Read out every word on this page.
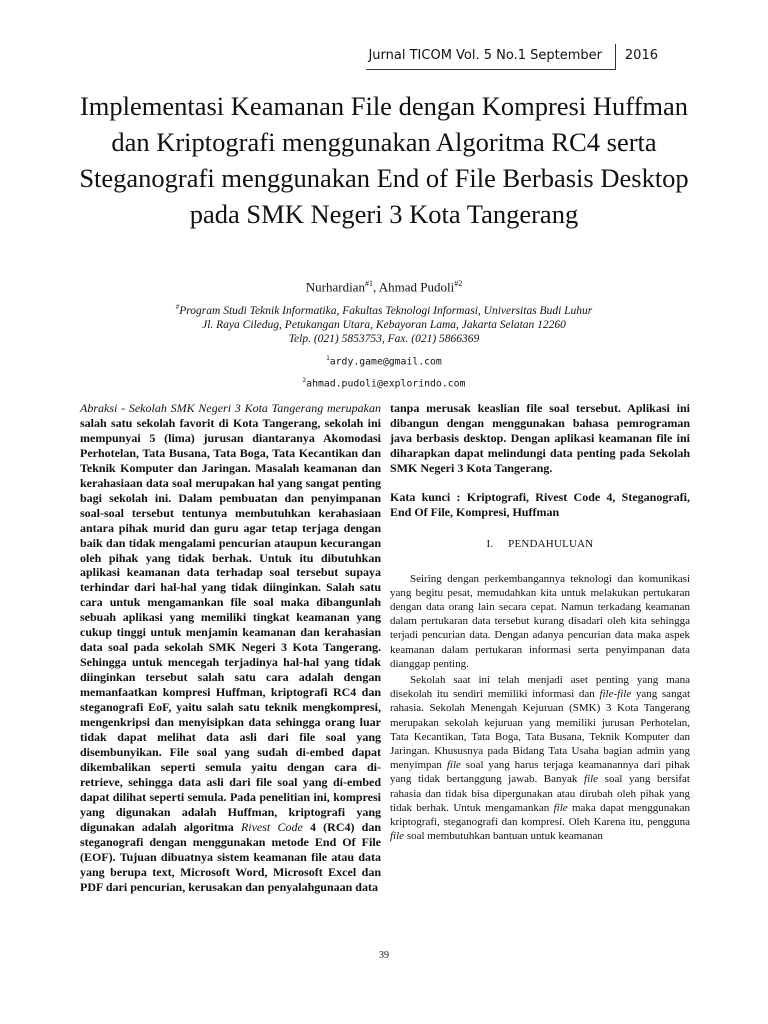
Jurnal TICOM Vol. 5 No.1 September 2016
Implementasi Keamanan File dengan Kompresi Huffman dan Kriptografi menggunakan Algoritma RC4 serta Steganografi menggunakan End of File Berbasis Desktop pada SMK Negeri 3 Kota Tangerang
Nurhardian$^{\#1}$, Ahmad Pudoli$^{\#2}$
#Program Studi Teknik Informatika, Fakultas Teknologi Informasi, Universitas Budi Luhur
Jl. Raya Ciledug, Petukangan Utara, Kebayoran Lama, Jakarta Selatan 12260
Telp. (021) 5853753, Fax. (021) 5866369
$^1$ardy.game@gmail.com
$^2$ahmad.pudoli@explorindo.com

Abraksi - Sekolah SMK Negeri 3 Kota Tangerang merupakan salah satu sekolah favorit di Kota Tangerang, sekolah ini mempunyai 5 (lima) jurusan diantaranya Akomodasi Perhotelan, Tata Busana, Tata Boga, Tata Kecantikan dan Teknik Komputer dan Jaringan. Masalah keamanan dan kerahasiaan data soal merupakan hal yang sangat penting bagi sekolah ini. Dalam pembuatan dan penyimpanan soal-soal tersebut tentunya membutuhkan kerahasiaan antara pihak murid dan guru agar tetap terjaga dengan baik dan tidak mengalami pencurian ataupun kecurangan oleh pihak yang tidak berhak. Untuk itu dibutuhkan aplikasi keamanan data terhadap soal tersebut supaya terhindar dari hal-hal yang tidak diinginkan. Salah satu cara untuk mengamankan file soal maka dibangunlah sebuah aplikasi yang memiliki tingkat keamanan yang cukup tinggi untuk menjamin keamanan dan kerahasian data soal pada sekolah SMK Negeri 3 Kota Tangerang. Sehingga untuk mencegah terjadinya hal-hal yang tidak diinginkan tersebut salah satu cara adalah dengan memanfaatkan kompresi Huffman, kriptografi RC4 dan steganografi EoF, yaitu salah satu teknik mengkompresi, mengenkripsi dan menyisipkan data sehingga orang luar tidak dapat melihat data asli dari file soal yang disembunyikan. File soal yang sudah di-embed dapat dikembalikan seperti semula yaitu dengan cara di-retrieve, sehingga data asli dari file soal yang di-embed dapat dilihat seperti semula. Pada penelitian ini, kompresi yang digunakan adalah Huffman, kriptografi yang digunakan adalah algoritma Rivest Code 4 (RC4) dan steganografi dengan menggunakan metode End Of File (EOF). Tujuan dibuatnya sistem keamanan file atau data yang berupa text, Microsoft Word, Microsoft Excel dan PDF dari pencurian, kerusakan dan penyalahgunaan data

tanpa merusak keaslian file soal tersebut. Aplikasi ini dibangun dengan menggunakan bahasa pemrograman java berbasis desktop. Dengan aplikasi keamanan file ini diharapkan dapat melindungi data penting pada Sekolah SMK Negeri 3 Kota Tangerang.

Kata kunci : Kriptografi, Rivest Code 4, Steganografi, End Of File, Kompresi, Huffman

I. PENDAHULUAN

Seiring dengan perkembangannya teknologi dan komunikasi yang begitu pesat, memudahkan kita untuk melakukan pertukaran dengan data orang lain secara cepat. Namun terkadang keamanan dalam pertukaran data tersebut kurang disadari oleh kita sehingga terjadi pencurian data. Dengan adanya pencurian data maka aspek keamanan dalam pertukaran informasi serta penyimpanan data dianggap penting.

Sekolah saat ini telah menjadi aset penting yang mana disekolah itu sendiri memiliki informasi dan file-file yang sangat rahasia. Sekolah Menengah Kejuruan (SMK) 3 Kota Tangerang merupakan sekolah kejuruan yang memiliki jurusan Perhotelan, Tata Kecantikan, Tata Boga, Tata Busana, Teknik Komputer dan Jaringan. Khususnya pada Bidang Tata Usaha bagian admin yang menyimpan file soal yang harus terjaga keamanannya dari pihak yang tidak bertanggung jawab. Banyak file soal yang bersifat rahasia dan tidak bisa dipergunakan atau dirubah oleh pihak yang tidak berhak. Untuk mengamankan file maka dapat menggunakan kriptografi, steganografi dan kompresi. Oleh Karena itu, pengguna file soal membutuhkan bantuan untuk keamanan

39
